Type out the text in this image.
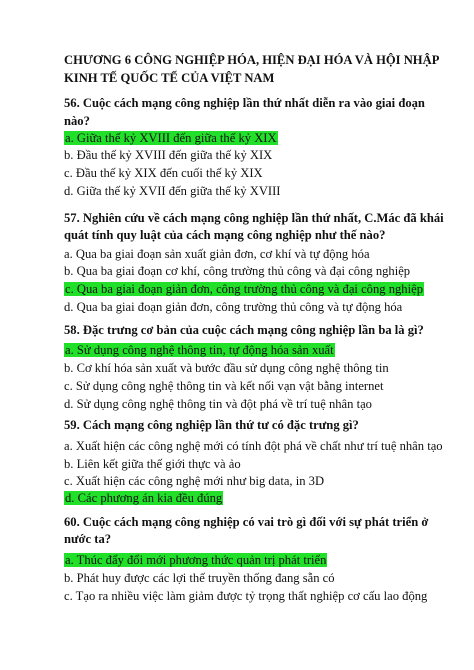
CHƯƠNG 6 CÔNG NGHIỆP HÓA, HIỆN ĐẠI HÓA VÀ HỘI NHẬP
KINH TẾ QUỐC TẾ CỦA VIỆT NAM
56. Cuộc cách mạng công nghiệp lần thứ nhất diễn ra vào giai đoạn
nào?
a. Giữa thế kỷ XVIII đến giữa thế kỷ XIX
b. Đầu thế kỷ XVIII đến giữa thế kỷ XIX
c. Đầu thế kỷ XIX đến cuối thế kỷ XIX
d. Giữa thế kỷ XVII đến giữa thế kỷ XVIII
57. Nghiên cứu về cách mạng công nghiệp lần thứ nhất, C.Mác đã khái
quát tính quy luật của cách mạng công nghiệp như thế nào?
a. Qua ba giai đoạn sản xuất giản đơn, cơ khí và tự động hóa
b. Qua ba giai đoạn cơ khí, công trường thủ công và đại công nghiệp
c. Qua ba giai đoạn giản đơn, công trường thủ công và đại công nghiệp
d. Qua ba giai đoạn giản đơn, công trường thủ công và tự động hóa
58. Đặc trưng cơ bản của cuộc cách mạng công nghiệp lần ba là gì?
a. Sử dụng công nghệ thông tin, tự động hóa sản xuất
b. Cơ khí hóa sản xuất và bước đầu sử dụng công nghệ thông tin
c. Sử dụng công nghệ thông tin và kết nối vạn vật bằng internet
d. Sử dụng công nghệ thông tin và đột phá về trí tuệ nhân tạo
59. Cách mạng công nghiệp lần thứ tư có đặc trưng gì?
a. Xuất hiện các công nghệ mới có tính đột phá về chất như trí tuệ nhân tạo
b. Liên kết giữa thế giới thực và ảo
c. Xuất hiện các công nghệ mới như big data, in 3D
d. Các phương án kia đều đúng
60. Cuộc cách mạng công nghiệp có vai trò gì đối với sự phát triển ở
nước ta?
a. Thúc đẩy đổi mới phương thức quản trị phát triển
b. Phát huy được các lợi thế truyền thống đang sẵn có
c. Tạo ra nhiều việc làm giảm được tỷ trọng thất nghiệp cơ cấu lao động
